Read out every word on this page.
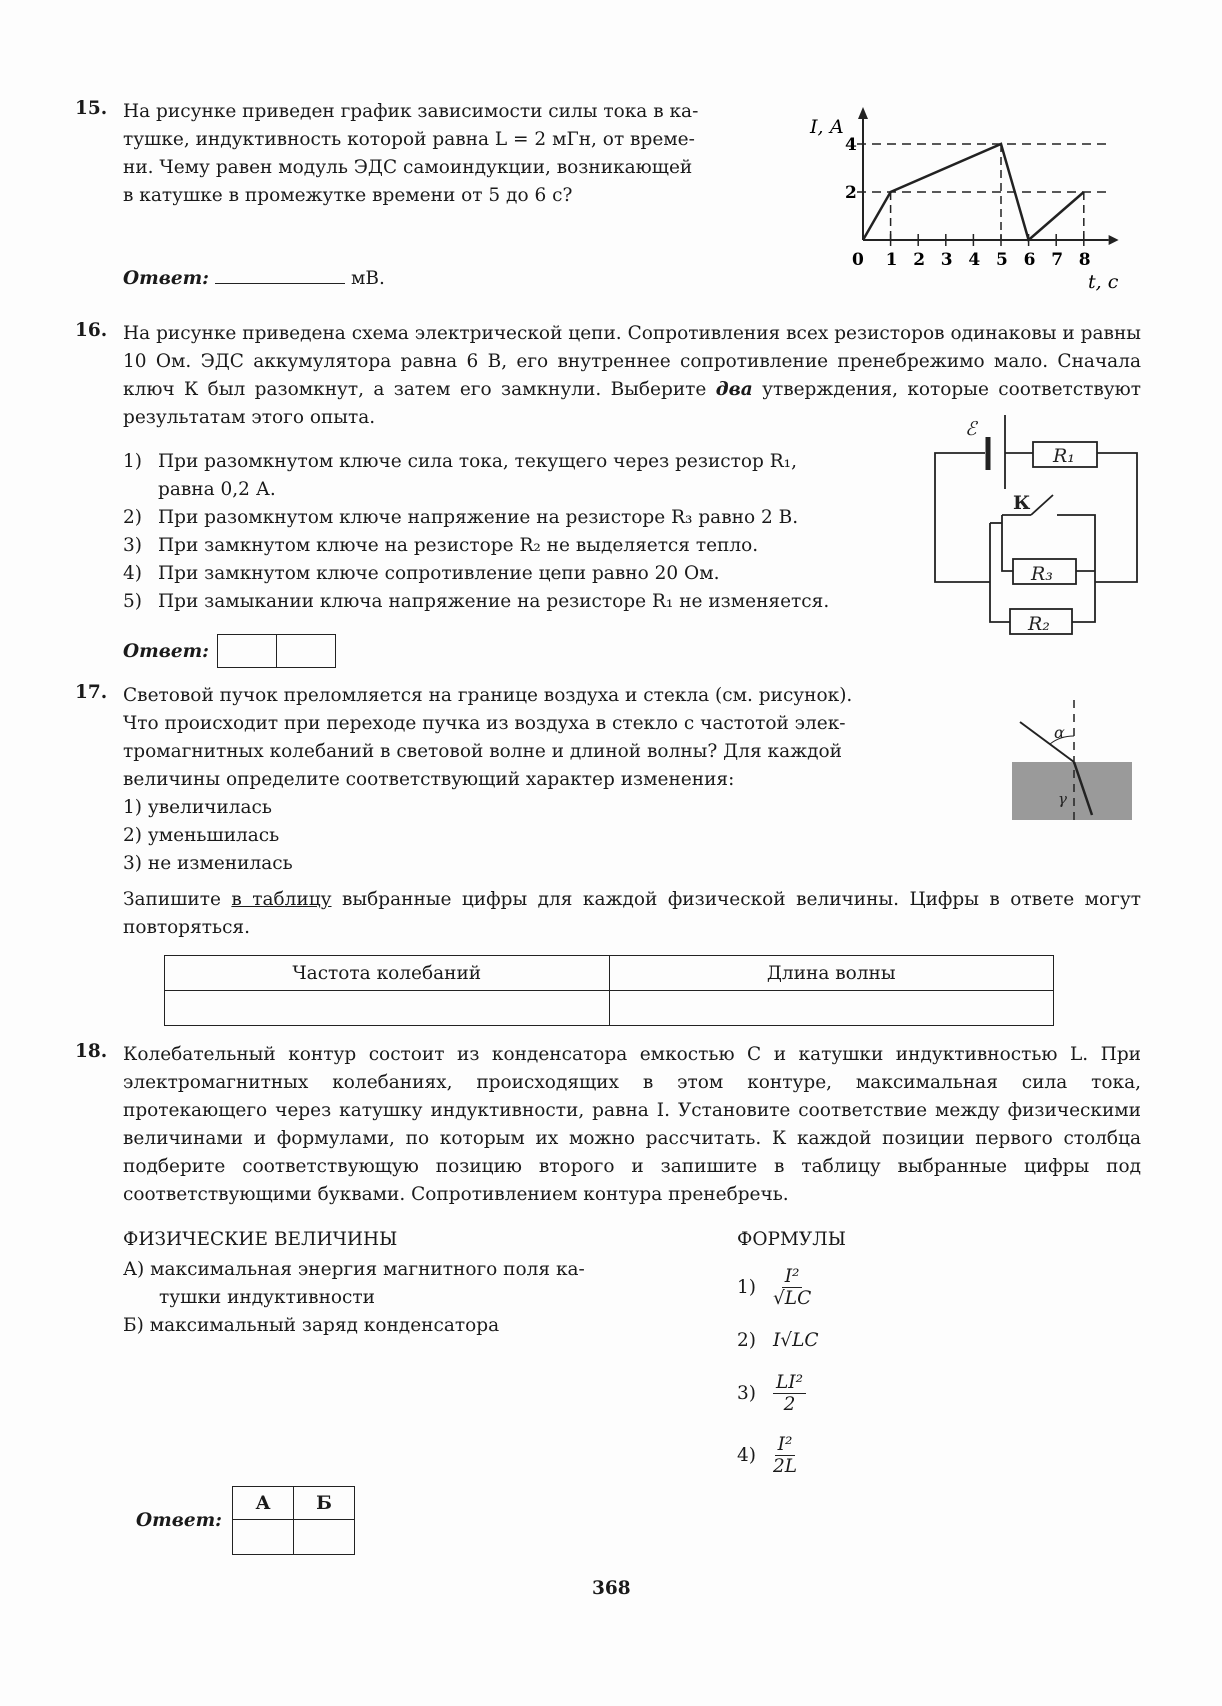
15. На рисунке приведен график зависимости силы тока в ка-
тушке, индуктивность которой равна L = 2 мГн, от време-
ни. Чему равен модуль ЭДС самоиндукции, возникающей
в катушке в промежутке времени от 5 до 6 с?
Ответ:	мВ.
2
4
0 1 2 3 4 5 6 7 8
I, А
t, с
16. На рисунке приведена схема электрической цепи. Сопротивления всех резисторов одинаковы и равны 10 Ом. ЭДС аккумулятора равна 6 В, его внутреннее сопротивление пренебрежимо мало. Сначала ключ К был разомкнут, а затем его замкнули. Выберите два утверждения, которые соответствуют результатам этого опыта.
1) При разомкнутом ключе сила тока, текущего через резистор R₁,
равна 0,2 А.
2) При разомкнутом ключе напряжение на резисторе R₃ равно 2 В.
3) При замкнутом ключе на резисторе R₂ не выделяется тепло.
4) При замкнутом ключе сопротивление цепи равно 20 Ом.
5) При замыкании ключа напряжение на резисторе R₁ не изменяется.
Ответ:
ℰ
R₁
R₃
R₂
К
17. Световой пучок преломляется на границе воздуха и стекла (см. рисунок).
Что происходит при переходе пучка из воздуха в стекло с частотой элек-
тромагнитных колебаний в световой волне и длиной волны? Для каждой
величины определите соответствующий характер изменения:
1) увеличилась
2) уменьшилась
3) не изменилась
Запишите в таблицу выбранные цифры для каждой физической величины. Цифры в ответе могут повторяться.
α
γ
Частота колебаний	Длина волны

18. Колебательный контур состоит из конденсатора емкостью C и катушки индуктивностью L. При электромагнитных колебаниях, происходящих в этом контуре, максимальная сила тока, протекающего через катушку индуктивности, равна I. Установите соответствие между физическими величинами и формулами, по которым их можно рассчитать. К каждой позиции первого столбца подберите соответствующую позицию второго и запишите в таблицу выбранные цифры под соответствующими буквами. Сопротивлением контура пренебречь.
ФИЗИЧЕСКИЕ ВЕЛИЧИНЫ	ФОРМУЛЫ
А) максимальная энергия магнитного поля ка-
тушки индуктивности
Б) максимальный заряд конденсатора
$1) \frac{\text{I²}}{√LC}$
2) I√LC
$3) \frac{\text{LI²}}{2}$
$4) \frac{\text{I²}}{2L}$
Ответ:
А	Б

368
